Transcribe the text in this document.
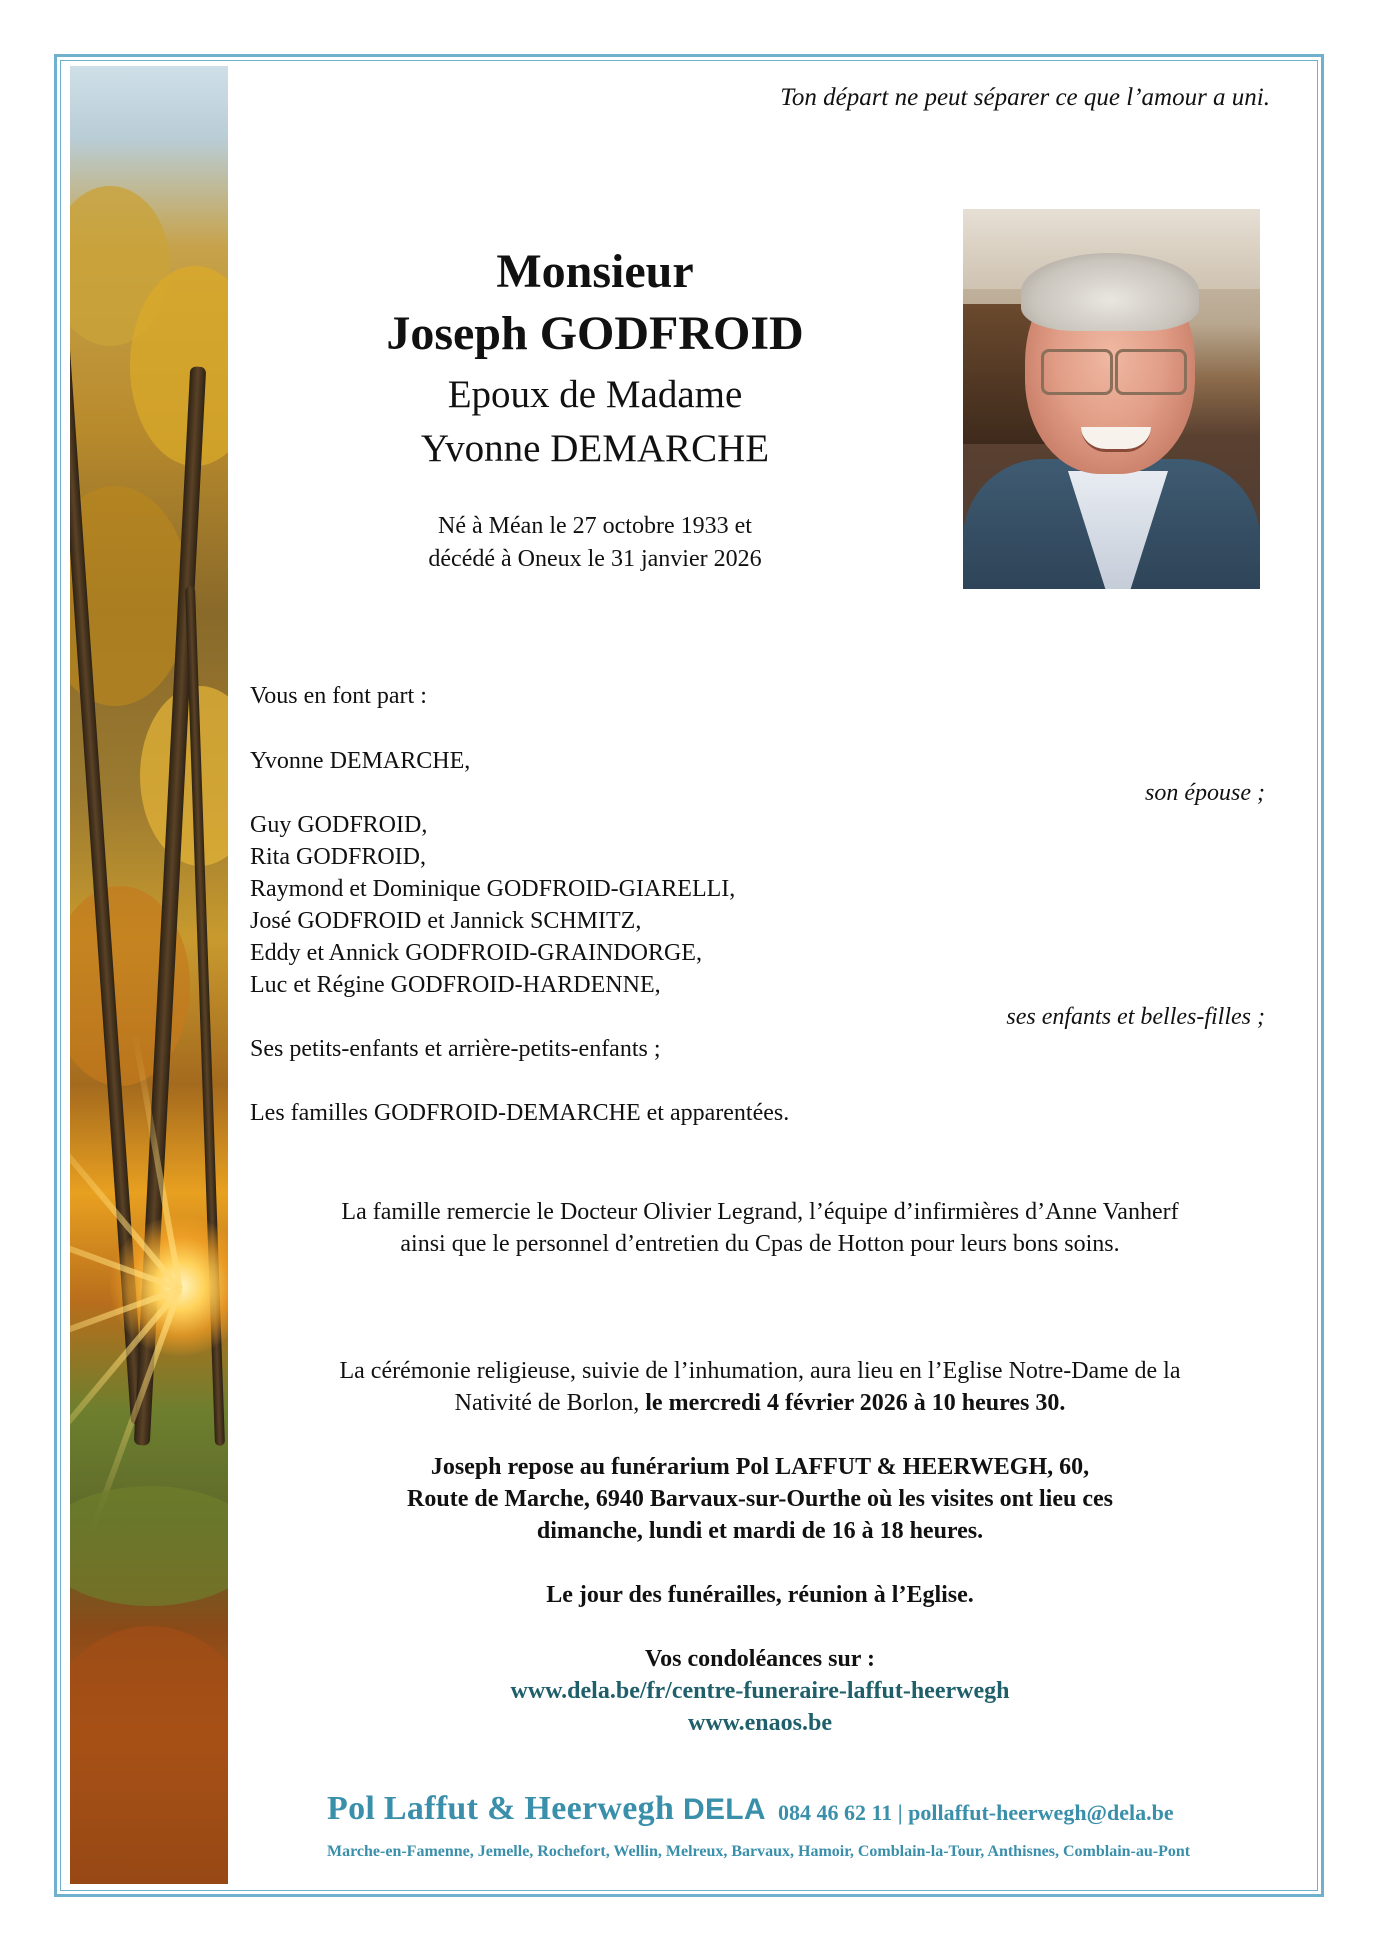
Ton départ ne peut séparer ce que l’amour a uni.
Monsieur
Joseph GODFROID
Epoux de Madame
Yvonne DEMARCHE
Né à Méan le 27 octobre 1933 et
décédé à Oneux le 31 janvier 2026
Vous en font part :
Yvonne DEMARCHE,
son épouse ;
Guy GODFROID,
Rita GODFROID,
Raymond et Dominique GODFROID-GIARELLI,
José GODFROID et Jannick SCHMITZ,
Eddy et Annick GODFROID-GRAINDORGE,
Luc et Régine GODFROID-HARDENNE,
ses enfants et belles-filles ;
Ses petits-enfants et arrière-petits-enfants ;
Les familles GODFROID-DEMARCHE et apparentées.
La famille remercie le Docteur Olivier Legrand, l’équipe d’infirmières d’Anne Vanherf
ainsi que le personnel d’entretien du Cpas de Hotton pour leurs bons soins.
La cérémonie religieuse, suivie de l’inhumation, aura lieu en l’Eglise Notre-Dame de la
Nativité de Borlon, le mercredi 4 février 2026 à 10 heures 30.
Joseph repose au funérarium Pol LAFFUT & HEERWEGH, 60,
Route de Marche, 6940 Barvaux-sur-Ourthe où les visites ont lieu ces
dimanche, lundi et mardi de 16 à 18 heures.
Le jour des funérailles, réunion à l’Eglise.
Vos condoléances sur :
www.dela.be/fr/centre-funeraire-laffut-heerwegh
www.enaos.be
Pol Laffut & Heerwegh DELA 084 46 62 11 | pollaffut-heerwegh@dela.be
Marche-en-Famenne, Jemelle, Rochefort, Wellin, Melreux, Barvaux, Hamoir, Comblain-la-Tour, Anthisnes, Comblain-au-Pont
